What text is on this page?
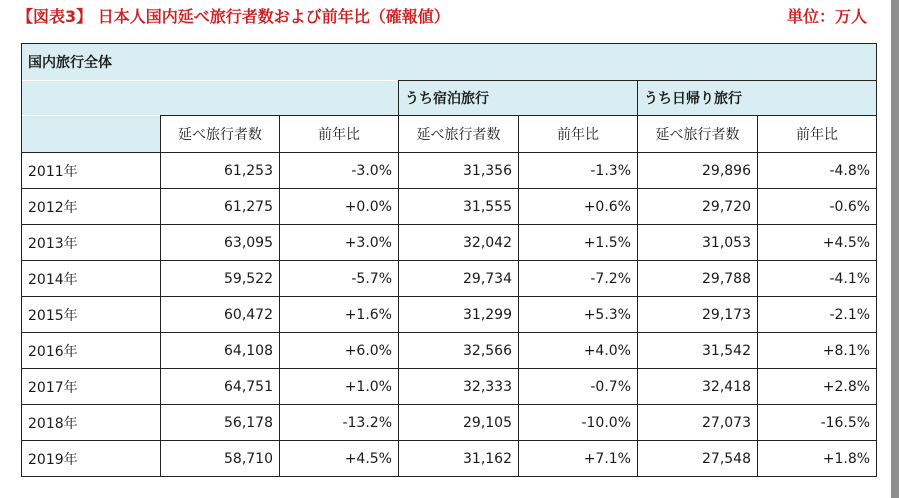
【図表3】 日本人国内延べ旅行者数および前年比（確報値）	単位：万人
国内旅行全体						
			うち宿泊旅行		うち日帰り旅行	
	延べ旅行者数	前年比	延べ旅行者数	前年比	延べ旅行者数	前年比
2011年	61,253	-3.0%	31,356	-1.3%	29,896	-4.8%
2012年	61,275	+0.0%	31,555	+0.6%	29,720	-0.6%
2013年	63,095	+3.0%	32,042	+1.5%	31,053	+4.5%
2014年	59,522	-5.7%	29,734	-7.2%	29,788	-4.1%
2015年	60,472	+1.6%	31,299	+5.3%	29,173	-2.1%
2016年	64,108	+6.0%	32,566	+4.0%	31,542	+8.1%
2017年	64,751	+1.0%	32,333	-0.7%	32,418	+2.8%
2018年	56,178	-13.2%	29,105	-10.0%	27,073	-16.5%
2019年	58,710	+4.5%	31,162	+7.1%	27,548	+1.8%
